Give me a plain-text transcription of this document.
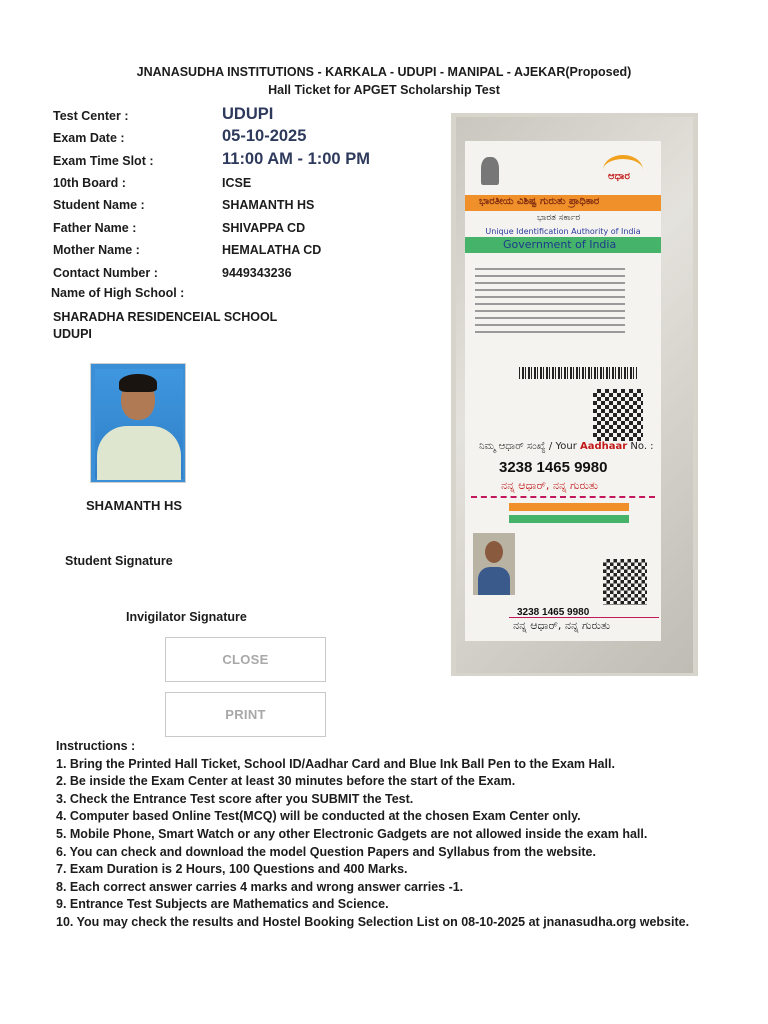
JNANASUDHA INSTITUTIONS - KARKALA - UDUPI - MANIPAL - AJEKAR(Proposed)
Hall Ticket for APGET Scholarship Test
Test Center :	UDUPI
Exam Date :	05-10-2025
Exam Time Slot :	11:00 AM - 1:00 PM
10th Board :	ICSE
Student Name :	SHAMANTH HS
Father Name :	SHIVAPPA CD
Mother Name :	HEMALATHA CD
Contact Number :	9449343236
Name of High School :
SHARADHA RESIDENCEIAL SCHOOL
UDUPI
SHAMANTH HS
Student Signature
Invigilator Signature
CLOSE
PRINT
ಆಧಾರ
ಭಾರತೀಯ ವಿಶಿಷ್ಟ ಗುರುತು ಪ್ರಾಧಿಕಾರ
ಭಾರತ ಸರ್ಕಾರ
Unique Identification Authority of India
Government of India
ನಿಮ್ಮ ಆಧಾರ್ ಸಂಖ್ಯೆ / Your Aadhaar No. :
3238 1465 9980
ನನ್ನ ಆಧಾರ್, ನನ್ನ ಗುರುತು
3238 1465 9980
ನನ್ನ ಆಧಾರ್, ನನ್ನ ಗುರುತು
Instructions :
1. Bring the Printed Hall Ticket, School ID/Aadhar Card and Blue Ink Ball Pen to the Exam Hall.
2. Be inside the Exam Center at least 30 minutes before the start of the Exam.
3. Check the Entrance Test score after you SUBMIT the Test.
4. Computer based Online Test(MCQ) will be conducted at the chosen Exam Center only.
5. Mobile Phone, Smart Watch or any other Electronic Gadgets are not allowed inside the exam hall.
6. You can check and download the model Question Papers and Syllabus from the website.
7. Exam Duration is 2 Hours, 100 Questions and 400 Marks.
8. Each correct answer carries 4 marks and wrong answer carries -1.
9. Entrance Test Subjects are Mathematics and Science.
10. You may check the results and Hostel Booking Selection List on 08-10-2025 at jnanasudha.org website.
